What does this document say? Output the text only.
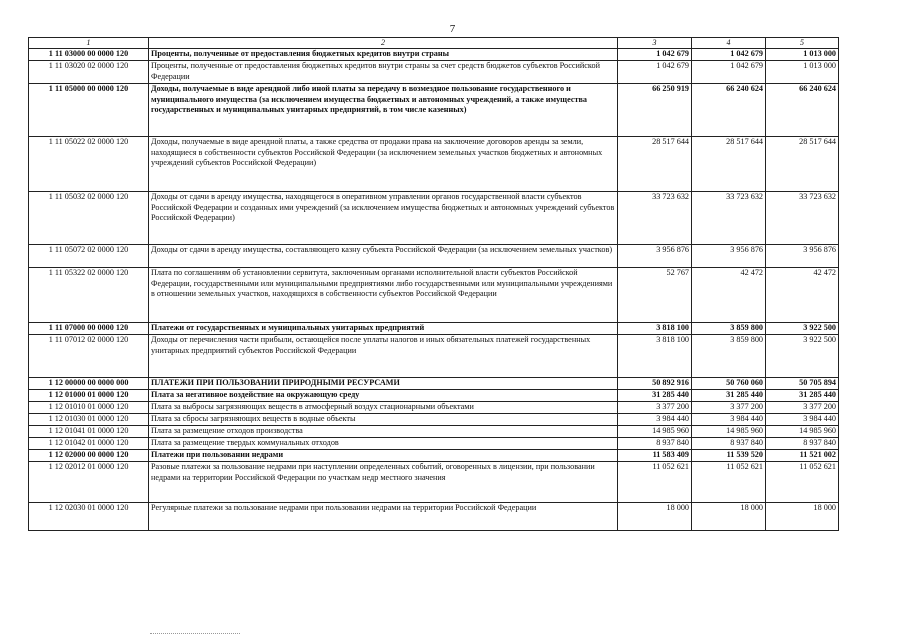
7
1	2	3	4	5
1 11 03000 00 0000 120	Проценты, полученные от предоставления бюджетных кредитов внутри страны	1 042 679	1 042 679	1 013 000
1 11 03020 02 0000 120	Проценты, полученные от предоставления бюджетных кредитов внутри страны за счет средств бюджетов субъектов Российской Федерации	1 042 679	1 042 679	1 013 000
1 11 05000 00 0000 120	Доходы, получаемые в виде арендной либо иной платы за передачу в возмездное пользование государственного и муниципального имущества (за исключением имущества бюджетных и автономных учреждений, а также имущества государственных и муниципальных унитарных предприятий, в том числе казенных)	66 250 919	66 240 624	66 240 624
1 11 05022 02 0000 120	Доходы, получаемые в виде арендной платы, а также средства от продажи права на заключение договоров аренды за земли, находящиеся в собственности субъектов Российской Федерации (за исключением земельных участков бюджетных и автономных учреждений субъектов Российской Федерации)	28 517 644	28 517 644	28 517 644
1 11 05032 02 0000 120	Доходы от сдачи в аренду имущества, находящегося в оперативном управлении органов государственной власти субъектов Российской Федерации и созданных ими учреждений (за исключением имущества бюджетных и автономных учреждений субъектов Российской Федерации)	33 723 632	33 723 632	33 723 632
1 11 05072 02 0000 120	Доходы от сдачи в аренду имущества, составляющего казну субъекта Российской Федерации (за исключением земельных участков)	3 956 876	3 956 876	3 956 876
1 11 05322 02 0000 120	Плата по соглашениям об установлении сервитута, заключенным органами исполнительной власти субъектов Российской Федерации, государственными или муниципальными предприятиями либо государственными или муниципальными учреждениями в отношении земельных участков, находящихся в собственности субъектов Российской Федерации	52 767	42 472	42 472
1 11 07000 00 0000 120	Платежи от государственных и муниципальных унитарных предприятий	3 818 100	3 859 800	3 922 500
1 11 07012 02 0000 120	Доходы от перечисления части прибыли, остающейся после уплаты налогов и иных обязательных платежей государственных унитарных предприятий субъектов Российской Федерации	3 818 100	3 859 800	3 922 500
1 12 00000 00 0000 000	ПЛАТЕЖИ ПРИ ПОЛЬЗОВАНИИ ПРИРОДНЫМИ РЕСУРСАМИ	50 892 916	50 760 060	50 705 894
1 12 01000 01 0000 120	Плата за негативное воздействие на окружающую среду	31 285 440	31 285 440	31 285 440
1 12 01010 01 0000 120	Плата за выбросы загрязняющих веществ в атмосферный воздух стационарными объектами	3 377 200	3 377 200	3 377 200
1 12 01030 01 0000 120	Плата за сбросы загрязняющих веществ в водные объекты	3 984 440	3 984 440	3 984 440
1 12 01041 01 0000 120	Плата за размещение отходов производства	14 985 960	14 985 960	14 985 960
1 12 01042 01 0000 120	Плата за размещение твердых коммунальных отходов	8 937 840	8 937 840	8 937 840
1 12 02000 00 0000 120	Платежи при пользовании недрами	11 583 409	11 539 520	11 521 002
1 12 02012 01 0000 120	Разовые платежи за пользование недрами при наступлении определенных событий, оговоренных в лицензии, при пользовании недрами на территории Российской Федерации по участкам недр местного значения	11 052 621	11 052 621	11 052 621
1 12 02030 01 0000 120	Регулярные платежи за пользование недрами при пользовании недрами на территории Российской Федерации	18 000	18 000	18 000
